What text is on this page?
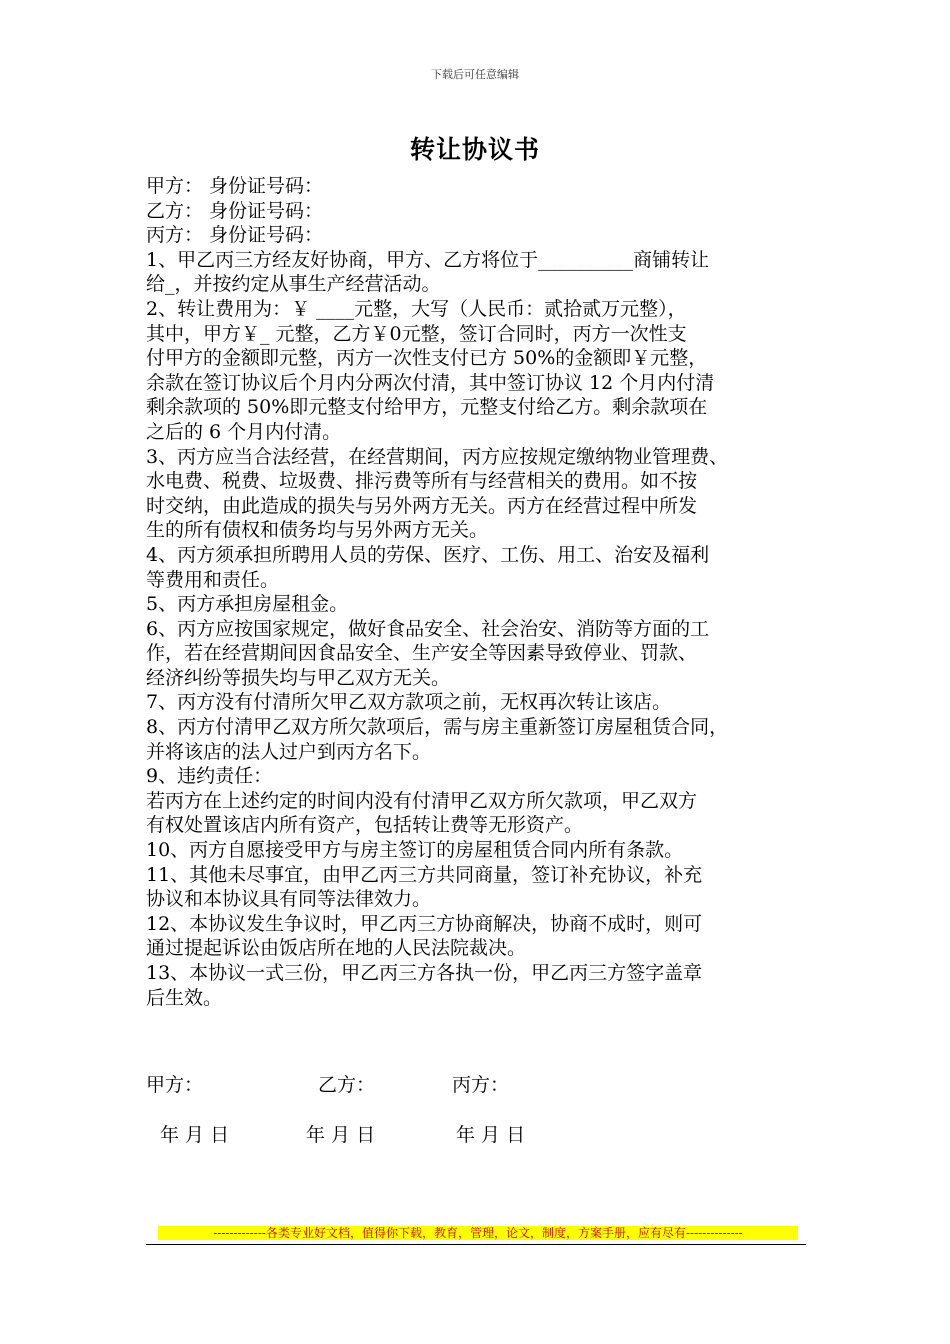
下载后可任意编辑
转让协议书
甲方： 身份证号码：
乙方： 身份证号码：
丙方： 身份证号码：
1、甲乙丙三方经友好协商，甲方、乙方将位于__________商铺转让
给_，并按约定从事生产经营活动。
2、转让费用为：￥ ____元整，大写（人民币：贰拾贰万元整），
其中，甲方￥_ 元整，乙方￥0元整，签订合同时，丙方一次性支
付甲方的金额即元整，丙方一次性支付已方 50%的金额即￥元整，
余款在签订协议后个月内分两次付清，其中签订协议 12 个月内付清
剩余款项的 50%即元整支付给甲方，元整支付给乙方。剩余款项在
之后的 6 个月内付清。
3、丙方应当合法经营，在经营期间，丙方应按规定缴纳物业管理费、
水电费、税费、垃圾费、排污费等所有与经营相关的费用。如不按
时交纳，由此造成的损失与另外两方无关。丙方在经营过程中所发
生的所有债权和债务均与另外两方无关。
4、丙方须承担所聘用人员的劳保、医疗、工伤、用工、治安及福利
等费用和责任。
5、丙方承担房屋租金。
6、丙方应按国家规定，做好食品安全、社会治安、消防等方面的工
作，若在经营期间因食品安全、生产安全等因素导致停业、罚款、
经济纠纷等损失均与甲乙双方无关。
7、丙方没有付清所欠甲乙双方款项之前，无权再次转让该店。
8、丙方付清甲乙双方所欠款项后，需与房主重新签订房屋租赁合同，
并将该店的法人过户到丙方名下。
9、违约责任：
若丙方在上述约定的时间内没有付清甲乙双方所欠款项，甲乙双方
有权处置该店内所有资产，包括转让费等无形资产。
10、丙方自愿接受甲方与房主签订的房屋租赁合同内所有条款。
11、其他未尽事宜，由甲乙丙三方共同商量，签订补充协议，补充
协议和本协议具有同等法律效力。
12、本协议发生争议时，甲乙丙三方协商解决，协商不成时，则可
通过提起诉讼由饭店所在地的人民法院裁决。
13、本协议一式三份，甲乙丙三方各执一份，甲乙丙三方签字盖章
后生效。
甲方：	乙方：	丙方：
年 月 日	年 月 日	年 月 日
-------------各类专业好文档，值得你下载，教育，管理，论文，制度，方案手册，应有尽有--------------
